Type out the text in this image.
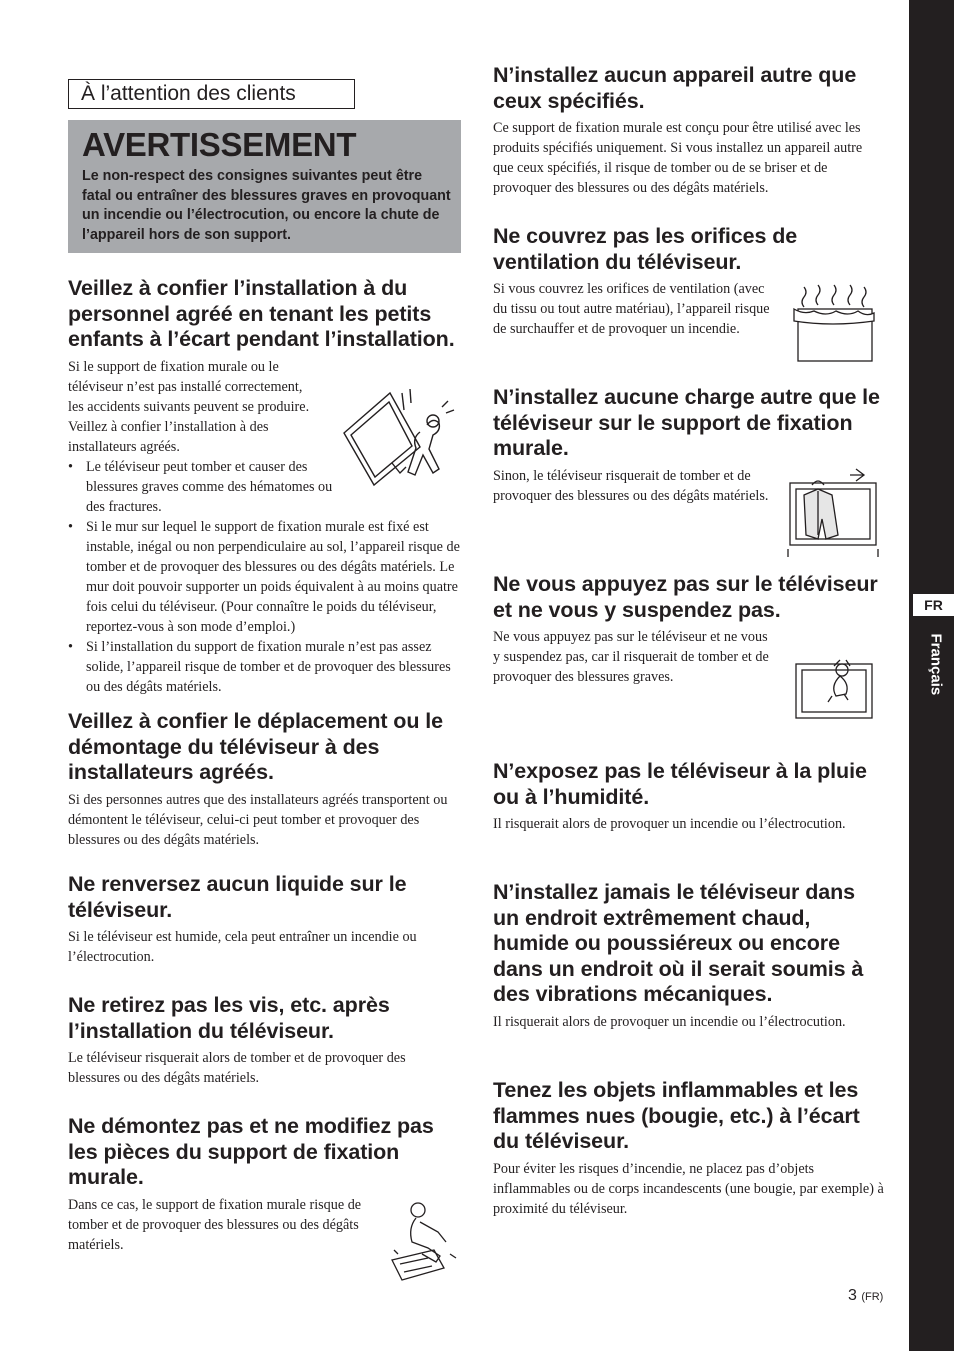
À l’attention des clients
AVERTISSEMENT
Le non-respect des consignes suivantes peut être fatal ou entraîner des blessures graves en provoquant un incendie ou l’électrocution, ou encore la chute de l’appareil hors de son support.
Veillez à confier l’installation à du personnel agréé en tenant les petits enfants à l’écart pendant l’installation.

Si le support de fixation murale ou le téléviseur n’est pas installé correctement, les accidents suivants peuvent se produire. Veillez à confier l’installation à des installateurs agréés.

• Le téléviseur peut tomber et causer des blessures graves comme des hématomes ou des fractures.
• Si le mur sur lequel le support de fixation murale est fixé est instable, inégal ou non perpendiculaire au sol, l’appareil risque de tomber et de provoquer des blessures ou des dégâts matériels. Le mur doit pouvoir supporter un poids équivalent à au moins quatre fois celui du téléviseur. (Pour connaître le poids du téléviseur, reportez-vous à son mode d’emploi.)
• Si l’installation du support de fixation murale n’est pas assez solide, l’appareil risque de tomber et de provoquer des blessures ou des dégâts matériels.
Veillez à confier le déplacement ou le démontage du téléviseur à des installateurs agréés.

Si des personnes autres que des installateurs agréés transportent ou démontent le téléviseur, celui-ci peut tomber et provoquer des blessures ou des dégâts matériels.

Ne renversez aucun liquide sur le téléviseur.

Si le téléviseur est humide, cela peut entraîner un incendie ou l’électrocution.

Ne retirez pas les vis, etc. après l’installation du téléviseur.

Le téléviseur risquerait alors de tomber et de provoquer des blessures ou des dégâts matériels.

Ne démontez pas et ne modifiez pas les pièces du support de fixation murale.

Dans ce cas, le support de fixation murale risque de tomber et de provoquer des blessures ou des dégâts matériels.

N’installez aucun appareil autre que ceux spécifiés.

Ce support de fixation murale est conçu pour être utilisé avec les produits spécifiés uniquement. Si vous installez un appareil autre que ceux spécifiés, il risque de tomber ou de se briser et de provoquer des blessures ou des dégâts matériels.

Ne couvrez pas les orifices de ventilation du téléviseur.

Si vous couvrez les orifices de ventilation (avec du tissu ou tout autre matériau), l’appareil risque de surchauffer et de provoquer un incendie.

N’installez aucune charge autre que le téléviseur sur le support de fixation murale.

Sinon, le téléviseur risquerait de tomber et de provoquer des blessures ou des dégâts matériels.

Ne vous appuyez pas sur le téléviseur et ne vous y suspendez pas.

Ne vous appuyez pas sur le téléviseur et ne vous y suspendez pas, car il risquerait de tomber et de provoquer des blessures graves.

N’exposez pas le téléviseur à la pluie ou à l’humidité.

Il risquerait alors de provoquer un incendie ou l’électrocution.

N’installez jamais le téléviseur dans un endroit extrêmement chaud, humide ou poussiéreux ou encore dans un endroit où il serait soumis à des vibrations mécaniques.

Il risquerait alors de provoquer un incendie ou l’électrocution.

Tenez les objets inflammables et les flammes nues (bougie, etc.) à l’écart du téléviseur.

Pour éviter les risques d’incendie, ne placez pas d’objets inflammables ou de corps incandescents (une bougie, par exemple) à proximité du téléviseur.

FR
Français
3 (FR)
